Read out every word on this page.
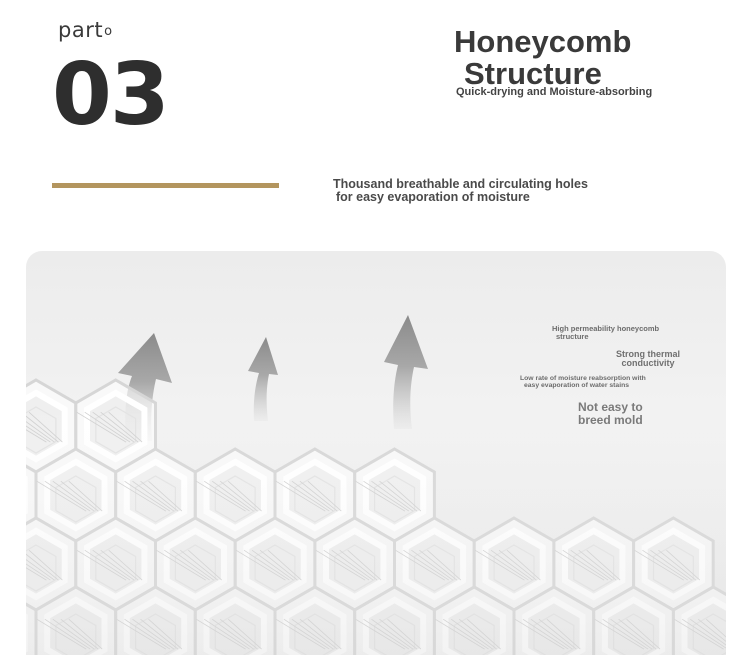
parto
03
Honeycomb
Structure
Quick-drying and Moisture-absorbing
Thousand breathable and circulating holes
for easy evaporation of moisture
High permeability honeycomb
structure
Strong thermal
conductivity
Low rate of moisture reabsorption with
easy evaporation of water stains
Not easy to
breed mold
